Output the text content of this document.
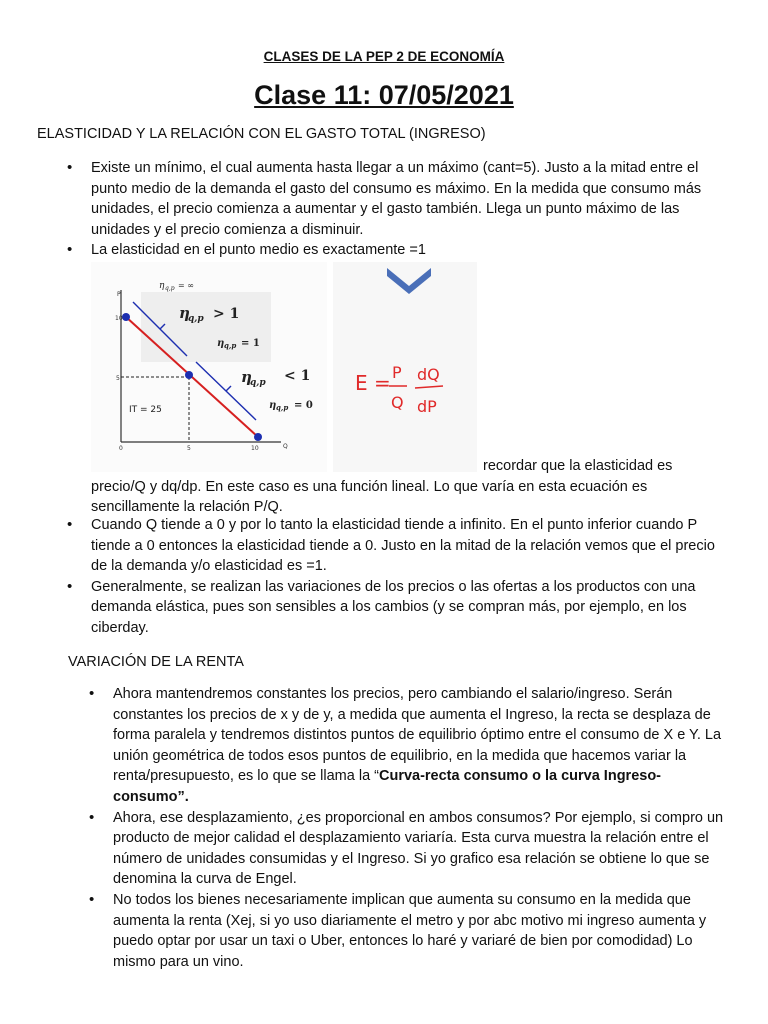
CLASES DE LA PEP 2 DE ECONOMÍA
Clase 11: 07/05/2021
ELASTICIDAD Y LA RELACIÓN CON EL GASTO TOTAL (INGRESO)
• Existe un mínimo, el cual aumenta hasta llegar a un máximo (cant=5). Justo a la mitad entre el punto medio de la demanda el gasto del consumo es máximo. En la medida que consumo más unidades, el precio comienza a aumentar y el gasto también. Llega un punto máximo de las unidades y el precio comienza a disminuir.
• La elasticidad en el punto medio es exactamente =1
P
Q
10
5
0	5	10
IT = 25
η q,p = ∞
η
q,p > 1
η q,p = 1
η
q,p < 1
η q,p = 0
E = P
Q
dQ
dP
recordar que la elasticidad es precio/Q y dq/dp. En este caso es una función lineal. Lo que varía en esta ecuación es sencillamente la relación P/Q.
• Cuando Q tiende a 0 y por lo tanto la elasticidad tiende a infinito. En el punto inferior cuando P tiende a 0 entonces la elasticidad tiende a 0. Justo en la mitad de la relación vemos que el precio de la demanda y/o elasticidad es =1.
• Generalmente, se realizan las variaciones de los precios o las ofertas a los productos con una demanda elástica, pues son sensibles a los cambios (y se compran más, por ejemplo, en los ciberday.
VARIACIÓN DE LA RENTA
• Ahora mantendremos constantes los precios, pero cambiando el salario/ingreso. Serán constantes los precios de x y de y, a medida que aumenta el Ingreso, la recta se desplaza de forma paralela y tendremos distintos puntos de equilibrio óptimo entre el consumo de X e Y. La unión geométrica de todos esos puntos de equilibrio, en la medida que hacemos variar la renta/presupuesto, es lo que se llama la “Curva-recta consumo o la curva Ingreso-consumo”.
• Ahora, ese desplazamiento, ¿es proporcional en ambos consumos? Por ejemplo, si compro un producto de mejor calidad el desplazamiento variaría. Esta curva muestra la relación entre el número de unidades consumidas y el Ingreso. Si yo grafico esa relación se obtiene lo que se denomina la curva de Engel.
• No todos los bienes necesariamente implican que aumenta su consumo en la medida que aumenta la renta (Xej, si yo uso diariamente el metro y por abc motivo mi ingreso aumenta y puedo optar por usar un taxi o Uber, entonces lo haré y variaré de bien por comodidad) Lo mismo para un vino.
